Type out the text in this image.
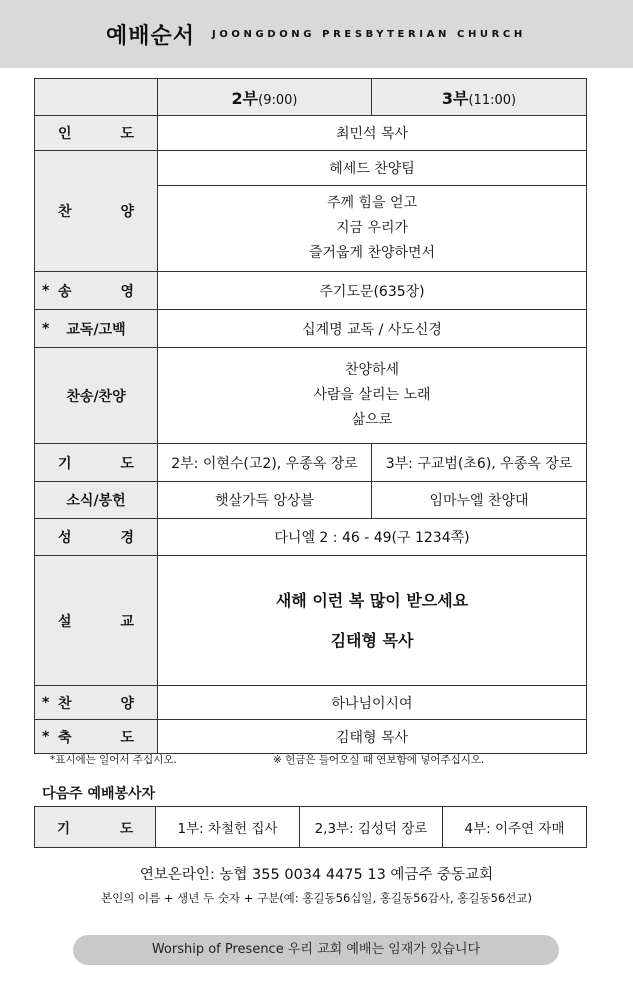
예배순서 JOONGDONG PRESBYTERIAN CHURCH
	2부(9:00)	3부(11:00)
인 도	최민석 목사	
찬 양	헤세드 찬양팀	

	주께 힘을 얻고
지금 우리가
즐거웁게 찬양하면서	

* 송 영	주기도문(635장)	

* 교독/고백	십계명 교독 / 사도신경	
찬송/찬양	찬양하세
사람을 살리는 노래
삶으로	

기 도	2부: 이현수(고2), 우종옥 장로	3부: 구교범(초6), 우종옥 장로
소식/봉헌	햇살가득 앙상블	임마누엘 찬양대
성 경	다니엘 2 : 46 - 49(구 1234쪽)	
설 교	새해 이런 복 많이 받으세요
김태형 목사	

* 찬 양	하나님이시여	

* 축 도	김태형 목사	
*표시에는 일어서 주십시오.	※ 헌금은 들어오실 때 연보함에 넣어주십시오.
다음주 예배봉사자
기 도	1부: 차철헌 집사	2,3부: 김성덕 장로	4부: 이주연 자매
연보온라인: 농협 355 0034 4475 13 예금주 중동교회
본인의 이름 + 생년 두 숫자 + 구분(예: 홍길동56십일, 홍길동56감사, 홍길동56선교)
Worship of Presence 우리 교회 예배는 임재가 있습니다
